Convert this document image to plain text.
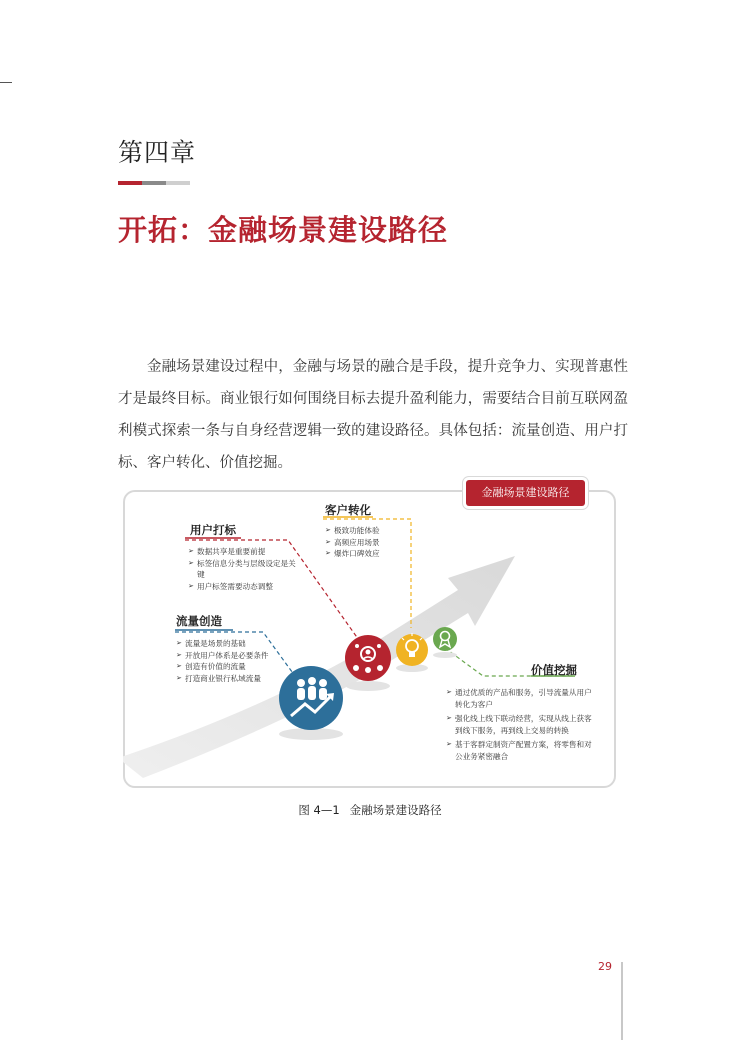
第四章
开拓：金融场景建设路径

金融场景建设过程中，金融与场景的融合是手段，提升竞争力、实现普惠性才是最终目标。商业银行如何围绕目标去提升盈利能力，需要结合目前互联网盈利模式探索一条与自身经营逻辑一致的建设路径。具体包括：流量创造、用户打标、客户转化、价值挖掘。

金融场景建设路径
流量创造
➢ 流量是场景的基础
➢ 开放用户体系是必要条件
➢ 创造有价值的流量
➢ 打造商业银行私域流量
用户打标
➢ 数据共享是重要前提
➢ 标签信息分类与层级设定是关键
➢ 用户标签需要动态调整
客户转化
➢ 极致功能体验
➢ 高频应用场景
➢ 爆炸口碑效应
价值挖掘
➢ 通过优质的产品和服务，引导流量从用户转化为客户
➢ 强化线上线下联动经营，实现从线上获客到线下服务，再到线上交易的转换
➢ 基于客群定制资产配置方案，将零售和对公业务紧密融合
图 4—1 金融场景建设路径
29
